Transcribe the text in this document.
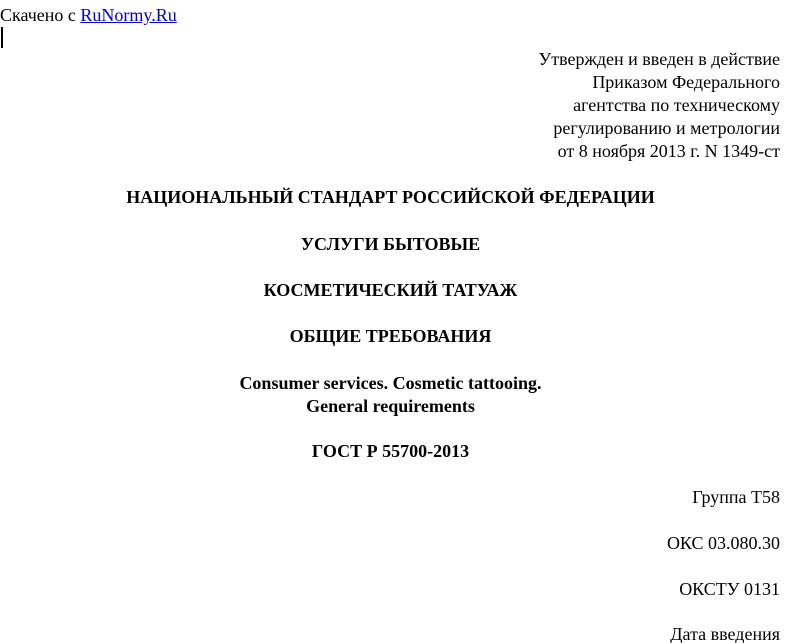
Скачено с RuNormy.Ru
Утвержден и введен в действие
Приказом Федерального
агентства по техническому
регулированию и метрологии
от 8 ноября 2013 г. N 1349-ст
НАЦИОНАЛЬНЫЙ СТАНДАРТ РОССИЙСКОЙ ФЕДЕРАЦИИ
УСЛУГИ БЫТОВЫЕ
КОСМЕТИЧЕСКИЙ ТАТУАЖ
ОБЩИЕ ТРЕБОВАНИЯ
Consumer services. Cosmetic tattooing.
General requirements
ГОСТ Р 55700-2013
Группа Т58
ОКС 03.080.30
ОКСТУ 0131
Дата введения
